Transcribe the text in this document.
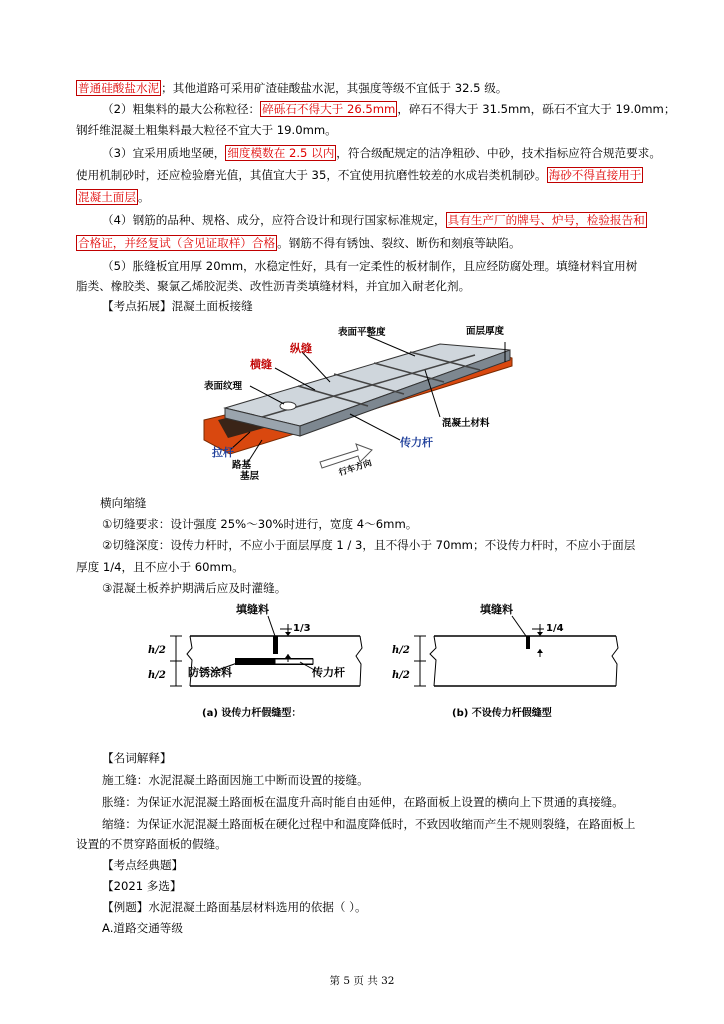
普通硅酸盐水泥 ；其他道路可采用矿渣硅酸盐水泥，其强度等级不宜低于 32.5 级。
（2）粗集料的最大公称粒径： 碎砾石不得大于 26.5mm ，碎石不得大于 31.5mm，砾石不宜大于 19.0mm；
钢纤维混凝土粗集料最大粒径不宜大于 19.0mm。
（3）宜采用质地坚硬， 细度模数在 2.5 以内 ，符合级配规定的洁净粗砂、中砂，技术指标应符合规范要求。
使用机制砂时，还应检验磨光值，其值宜大于 35，不宜使用抗磨性较差的水成岩类机制砂。 海砂不得直接用于
混凝土面层 。
（4）钢筋的品种、规格、成分，应符合设计和现行国家标准规定， 具有生产厂的牌号、炉号，检验报告和
合格证，并经复试（含见证取样）合格 。钢筋不得有锈蚀、裂纹、断伤和刻痕等缺陷。
（5）胀缝板宜用厚 20mm，水稳定性好，具有一定柔性的板材制作，且应经防腐处理。填缝材料宜用树
脂类、橡胶类、聚氯乙烯胶泥类、改性沥青类填缝材料，并宜加入耐老化剂。
【考点拓展】混凝土面板接缝
表面平整度	面层厚度
纵缝
横缝
表面纹理
混凝土材料
传力杆
拉杆
路基
基层	行车方向
横向缩缝
①切缝要求：设计强度 25%～30%时进行，宽度 4～6mm。
②切缝深度：设传力杆时，不应小于面层厚度 1 / 3，且不得小于 70mm；不设传力杆时，不应小于面层
厚度 1/4，且不应小于 60mm。
③混凝土板养护期满后应及时灌缝。
填缝料
1/3
h/2
h/2 防锈涂料	传力杆
(a) 设传力杆假缝型：
填缝料
1/4
h/2
h/2
(b) 不设传力杆假缝型
【名词解释】
施工缝：水泥混凝土路面因施工中断而设置的接缝。
胀缝：为保证水泥混凝土路面板在温度升高时能自由延伸，在路面板上设置的横向上下贯通的真接缝。
缩缝：为保证水泥混凝土路面板在硬化过程中和温度降低时，不致因收缩而产生不规则裂缝，在路面板上
设置的不贯穿路面板的假缝。
【考点经典题】
【2021 多选】
【例题】水泥混凝土路面基层材料选用的依据（ ）。
A.道路交通等级
第 5 页 共 32
